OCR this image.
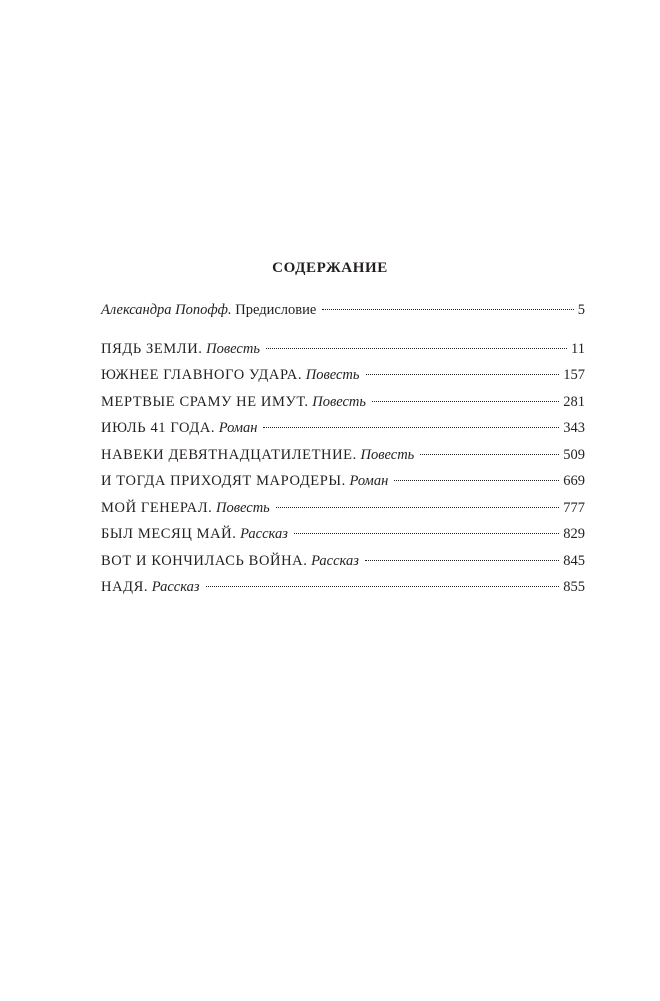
СОДЕРЖАНИЕ
Александра Попофф. Предисловие	5
ПЯДЬ ЗЕМЛИ. Повесть	11
ЮЖНЕЕ ГЛАВНОГО УДАРА. Повесть	157
МЕРТВЫЕ СРАМУ НЕ ИМУТ. Повесть	281
ИЮЛЬ 41 ГОДА. Роман	343
НАВЕКИ ДЕВЯТНАДЦАТИЛЕТНИЕ. Повесть	509
И ТОГДА ПРИХОДЯТ МАРОДЕРЫ. Роман	669
МОЙ ГЕНЕРАЛ. Повесть	777
БЫЛ МЕСЯЦ МАЙ. Рассказ	829
ВОТ И КОНЧИЛАСЬ ВОЙНА. Рассказ	845
НАДЯ. Рассказ	855
